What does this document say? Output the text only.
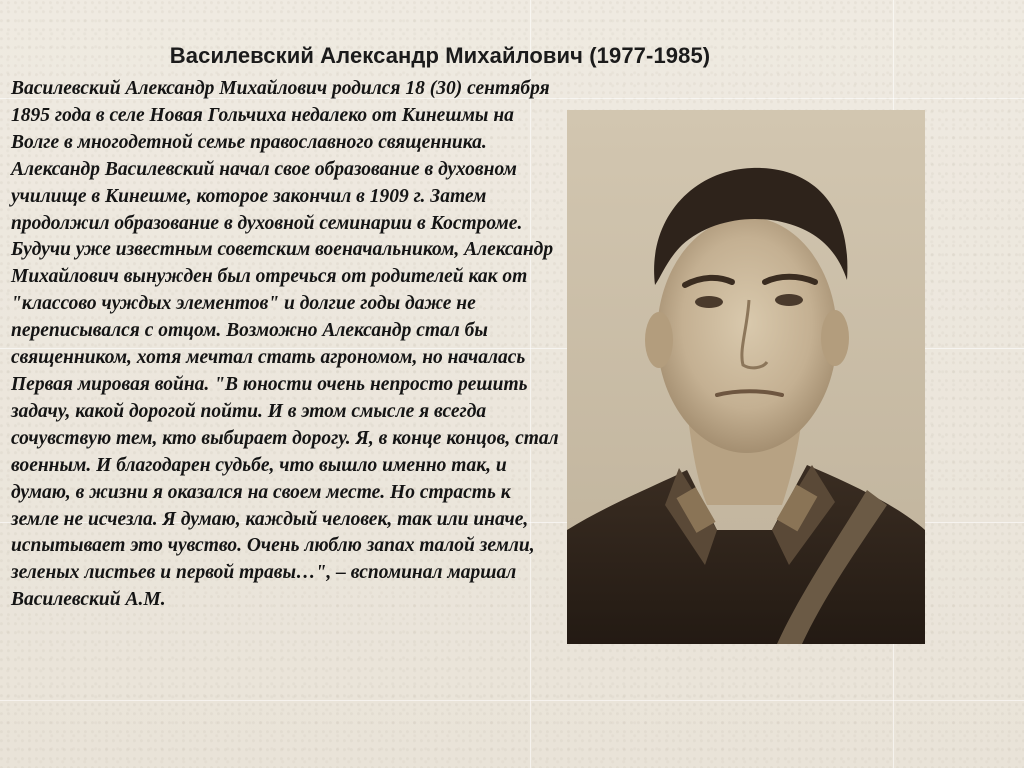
Василевский Александр Михайлович (1977-1985)

Василевский Александр Михайлович родился 18 (30) сентября 1895 года в селе Новая Гольчиха недалеко от Кинешмы на Волге в многодетной семье православного священника. Александр Василевский начал свое образование в духовном училище в Кинешме, которое закончил в 1909 г. Затем продолжил образование в духовной семинарии в Костроме. Будучи уже известным советским военачальником, Александр Михайлович вынужден был отречься от родителей как от "классово чуждых элементов" и долгие годы даже не переписывался с отцом. Возможно Александр стал бы священником, хотя мечтал стать агрономом, но началась Первая мировая война. "В юности очень непросто решить задачу, какой дорогой пойти. И в этом смысле я всегда сочувствую тем, кто выбирает дорогу. Я, в конце концов, стал военным. И благодарен судьбе, что вышло именно так, и думаю, в жизни я оказался на своем месте. Но страсть к земле не исчезла. Я думаю, каждый человек, так или иначе, испытывает это чувство. Очень люблю запах талой земли, зеленых листьев и первой травы…", – вспоминал маршал Василевский А.М.
